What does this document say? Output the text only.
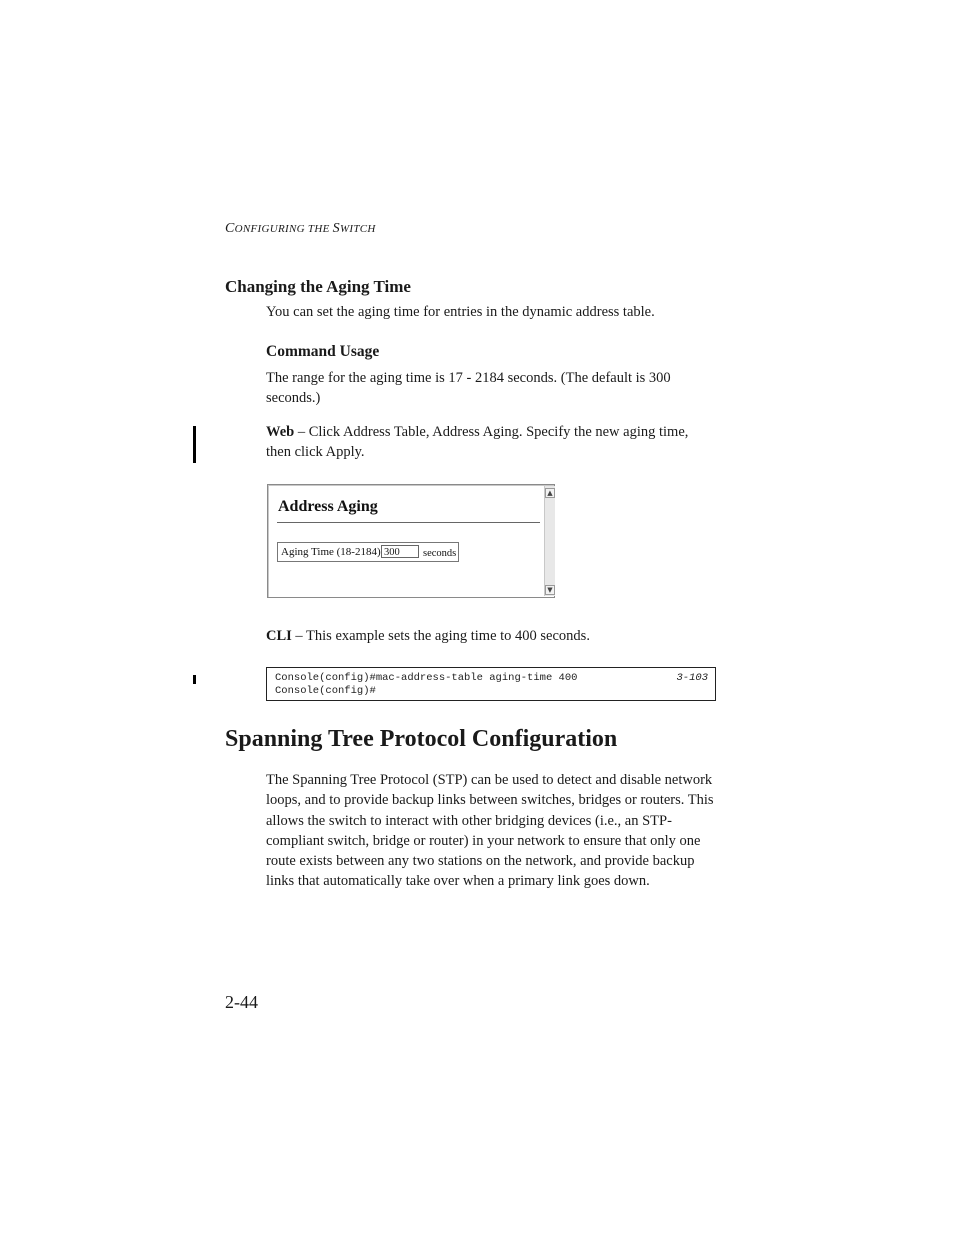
CONFIGURING THE SWITCH
Changing the Aging Time
You can set the aging time for entries in the dynamic address table.
Command Usage
The range for the aging time is 17 - 2184 seconds. (The default is 300 seconds.)
Web – Click Address Table, Address Aging. Specify the new aging time, then click Apply.
Address Aging
Aging Time (18-2184) 300	seconds
▲
▼
CLI – This example sets the aging time to 400 seconds.
Console(config)#mac-address-table aging-time 400
Console(config)#
3-103
Spanning Tree Protocol Configuration
The Spanning Tree Protocol (STP) can be used to detect and disable network loops, and to provide backup links between switches, bridges or routers. This allows the switch to interact with other bridging devices (i.e., an STP-compliant switch, bridge or router) in your network to ensure that only one route exists between any two stations on the network, and provide backup links that automatically take over when a primary link goes down.
2-44
